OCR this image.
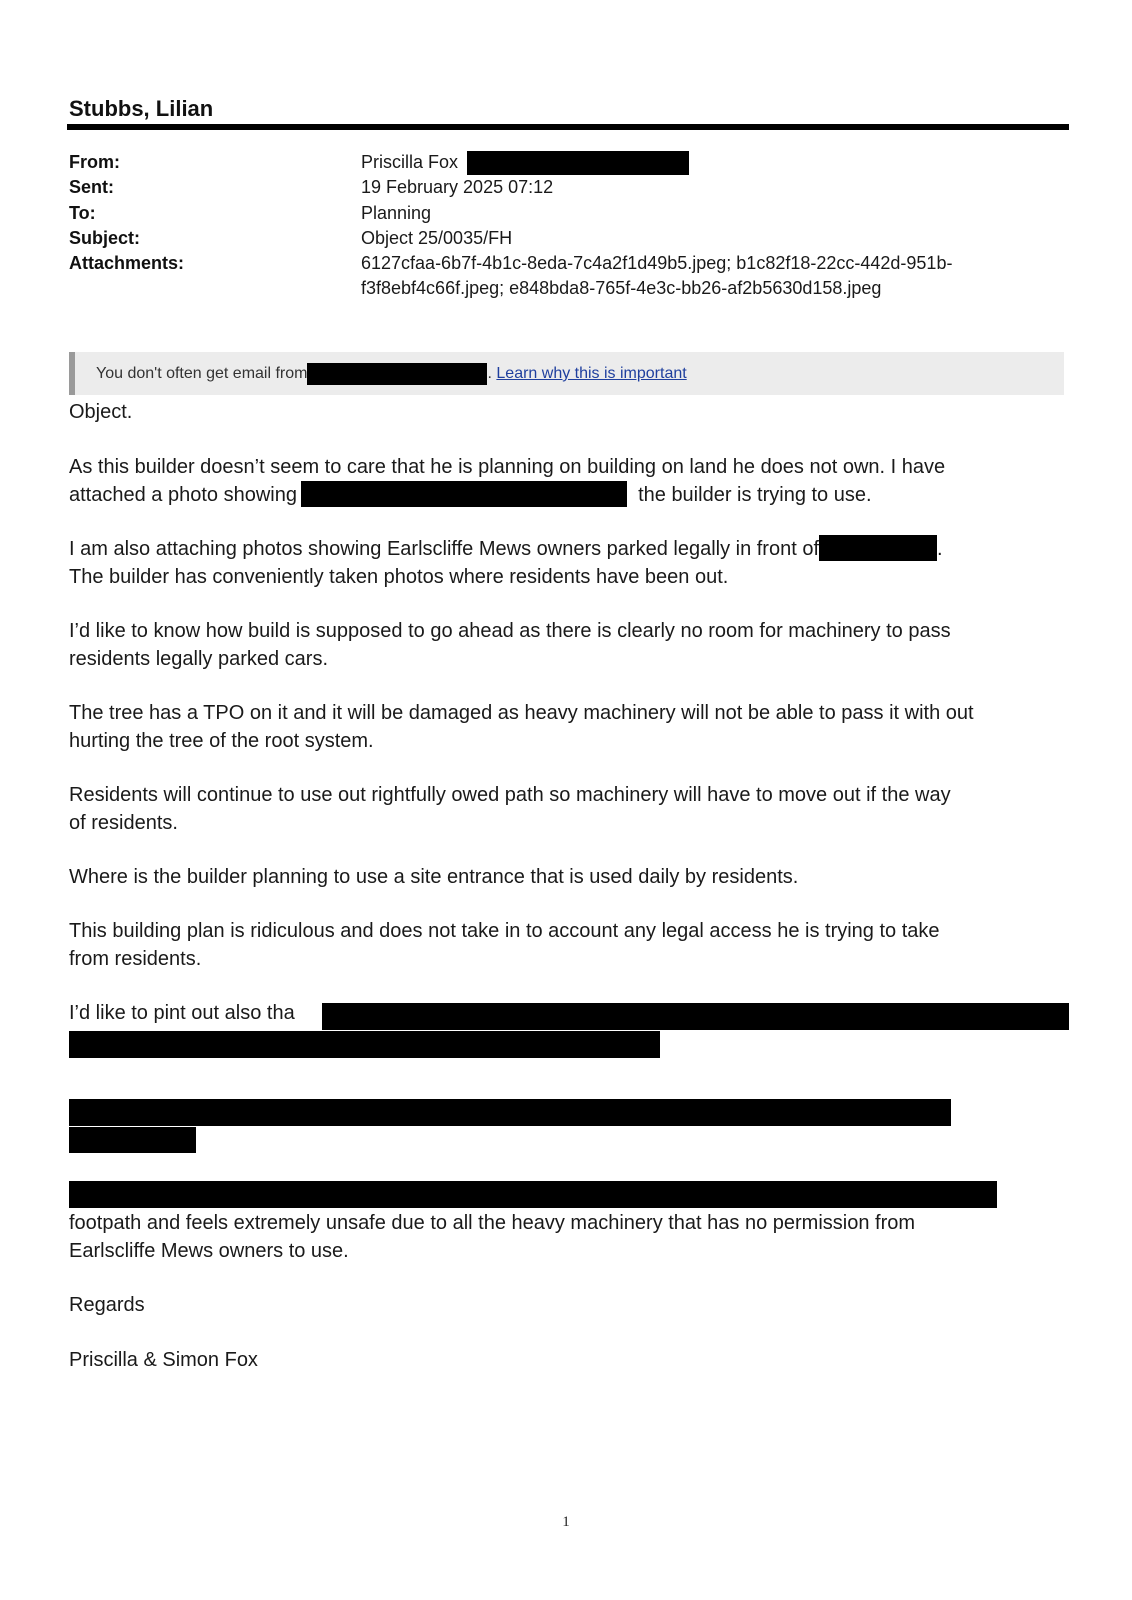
Stubbs, Lilian
From:	Priscilla Fox
Sent:	19 February 2025 07:12
To:	Planning
Subject:	Object 25/0035/FH
Attachments:	6127cfaa-6b7f-4b1c-8eda-7c4a2f1d49b5.jpeg; b1c82f18-22cc-442d-951b-
f3f8ebf4c66f.jpeg; e848bda8-765f-4e3c-bb26-af2b5630d158.jpeg
You don't often get email from	. Learn why this is important

Object.

As this builder doesn’t seem to care that he is planning on building on land he does not own. I have
attached a photo showing	the builder is trying to use.
I am also attaching photos showing Earlscliffe Mews owners parked legally in front of	.
The builder has conveniently taken photos where residents have been out.
I’d like to know how build is supposed to go ahead as there is clearly no room for machinery to pass
residents legally parked cars.
The tree has a TPO on it and it will be damaged as heavy machinery will not be able to pass it with out
hurting the tree of the root system.
Residents will continue to use out rightfully owed path so machinery will have to move out if the way
of residents.
Where is the builder planning to use a site entrance that is used daily by residents.
This building plan is ridiculous and does not take in to account any legal access he is trying to take
from residents.
I’d like to pint out also tha
footpath and feels extremely unsafe due to all the heavy machinery that has no permission from
Earlscliffe Mews owners to use.
Regards
Priscilla & Simon Fox
1
